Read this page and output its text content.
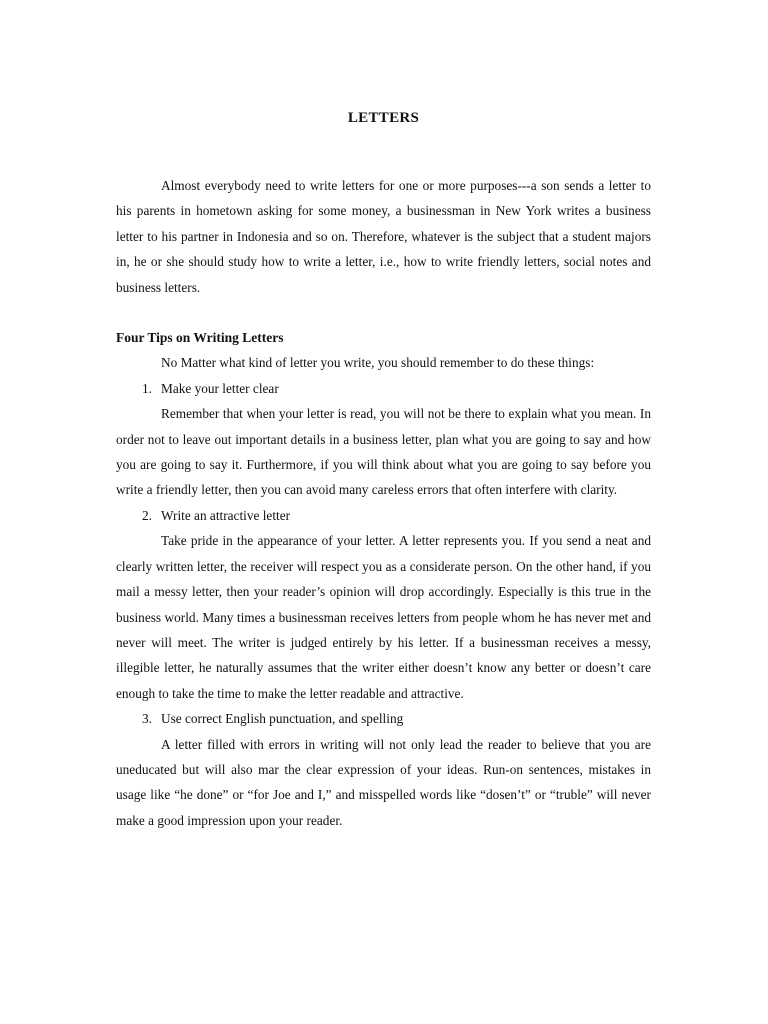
LETTERS

Almost everybody need to write letters for one or more purposes---a son sends a letter to his parents in hometown asking for some money, a businessman in New York writes a business letter to his partner in Indonesia and so on. Therefore, whatever is the subject that a student majors in, he or she should study how to write a letter, i.e., how to write friendly letters, social notes and business letters.

Four Tips on Writing Letters

No Matter what kind of letter you write, you should remember to do these things:

1. Make your letter clear

Remember that when your letter is read, you will not be there to explain what you mean. In order not to leave out important details in a business letter, plan what you are going to say and how you are going to say it. Furthermore, if you will think about what you are going to say before you write a friendly letter, then you can avoid many careless errors that often interfere with clarity.

2. Write an attractive letter

Take pride in the appearance of your letter. A letter represents you. If you send a neat and clearly written letter, the receiver will respect you as a considerate person. On the other hand, if you mail a messy letter, then your reader’s opinion will drop accordingly. Especially is this true in the business world. Many times a businessman receives letters from people whom he has never met and never will meet. The writer is judged entirely by his letter. If a businessman receives a messy, illegible letter, he naturally assumes that the writer either doesn’t know any better or doesn’t care enough to take the time to make the letter readable and attractive.

3. Use correct English punctuation, and spelling

A letter filled with errors in writing will not only lead the reader to believe that you are uneducated but will also mar the clear expression of your ideas. Run-on sentences, mistakes in usage like “he done” or “for Joe and I,” and misspelled words like “dosen’t” or “truble” will never make a good impression upon your reader.
